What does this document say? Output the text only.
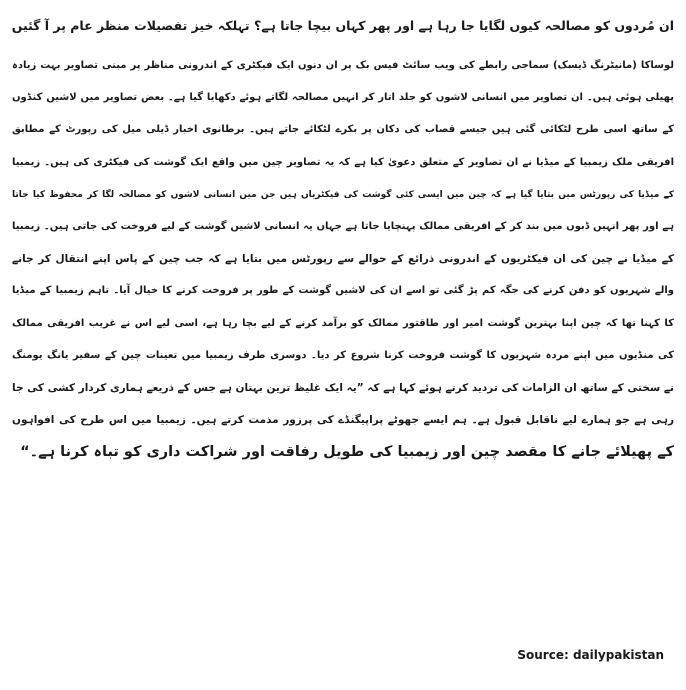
ان مُردوں کو مصالحہ کیوں لگایا جا رہا ہے اور پھر کہاں بیچا جاتا ہے؟ تہلکہ خیز تفصیلات منظر عام پر آ گئیں
لوساکا (مانیٹرنگ ڈیسک) سماجی رابطے کی ویب سائٹ فیس بک پر ان دنوں ایک فیکٹری کے اندرونی مناظر پر مبنی تصاویر بہت زیادہ
پھیلی ہوئی ہیں۔ ان تصاویر میں انسانی لاشوں کو جلد اتار کر انہیں مصالحہ لگاتے ہوئے دکھایا گیا ہے۔ بعض تصاویر میں لاشیں کنڈوں
کے ساتھ اسی طرح لٹکائی گئی ہیں جیسے قصاب کی دکان پر بکرے لٹکائے جاتے ہیں۔ برطانوی اخبار ڈیلی میل کی رپورٹ کے مطابق
افریقی ملک زیمبیا کے میڈیا نے ان تصاویر کے متعلق دعویٰ کیا ہے کہ یہ تصاویر چین میں واقع ایک گوشت کی فیکٹری کی ہیں۔ زیمبیا
کے میڈیا کی رپورٹس میں بتایا گیا ہے کہ چین میں ایسی کئی گوشت کی فیکٹریاں ہیں جن میں انسانی لاشوں کو مصالحہ لگا کر محفوظ کیا جاتا
ہے اور پھر انہیں ڈبوں میں بند کر کے افریقی ممالک پہنچایا جاتا ہے جہاں یہ انسانی لاشیں گوشت کے لیے فروخت کی جاتی ہیں۔ زیمبیا
کے میڈیا نے چین کی ان فیکٹریوں کے اندرونی ذرائع کے حوالے سے رپورٹس میں بتایا ہے کہ جب چین کے پاس اپنے انتقال کر جانے
والے شہریوں کو دفن کرنے کی جگہ کم پڑ گئی تو اسے ان کی لاشیں گوشت کے طور پر فروخت کرنے کا خیال آیا۔ تاہم زیمبیا کے میڈیا
کا کہنا تھا کہ چین اپنا بہترین گوشت امیر اور طاقتور ممالک کو برآمد کرنے کے لیے بچا رہا ہے، اسی لیے اس نے غریب افریقی ممالک
کی منڈیوں میں اپنے مردہ شہریوں کا گوشت فروخت کرنا شروع کر دیا۔ دوسری طرف زیمبیا میں تعینات چین کے سفیر یانگ یومنگ
نے سختی کے ساتھ ان الزامات کی تردید کرتے ہوئے کہا ہے کہ ”یہ ایک غلیظ ترین بہتان ہے جس کے ذریعے ہماری کردار کشی کی جا
رہی ہے جو ہمارے لیے ناقابل قبول ہے۔ ہم ایسے جھوٹے پراپیگنڈے کی پرزور مذمت کرتے ہیں۔ زیمبیا میں اس طرح کی افواہوں
کے پھیلائے جانے کا مقصد چین اور زیمبیا کی طویل رفاقت اور شراکت داری کو تباہ کرنا ہے۔“
Source: dailypakistan
